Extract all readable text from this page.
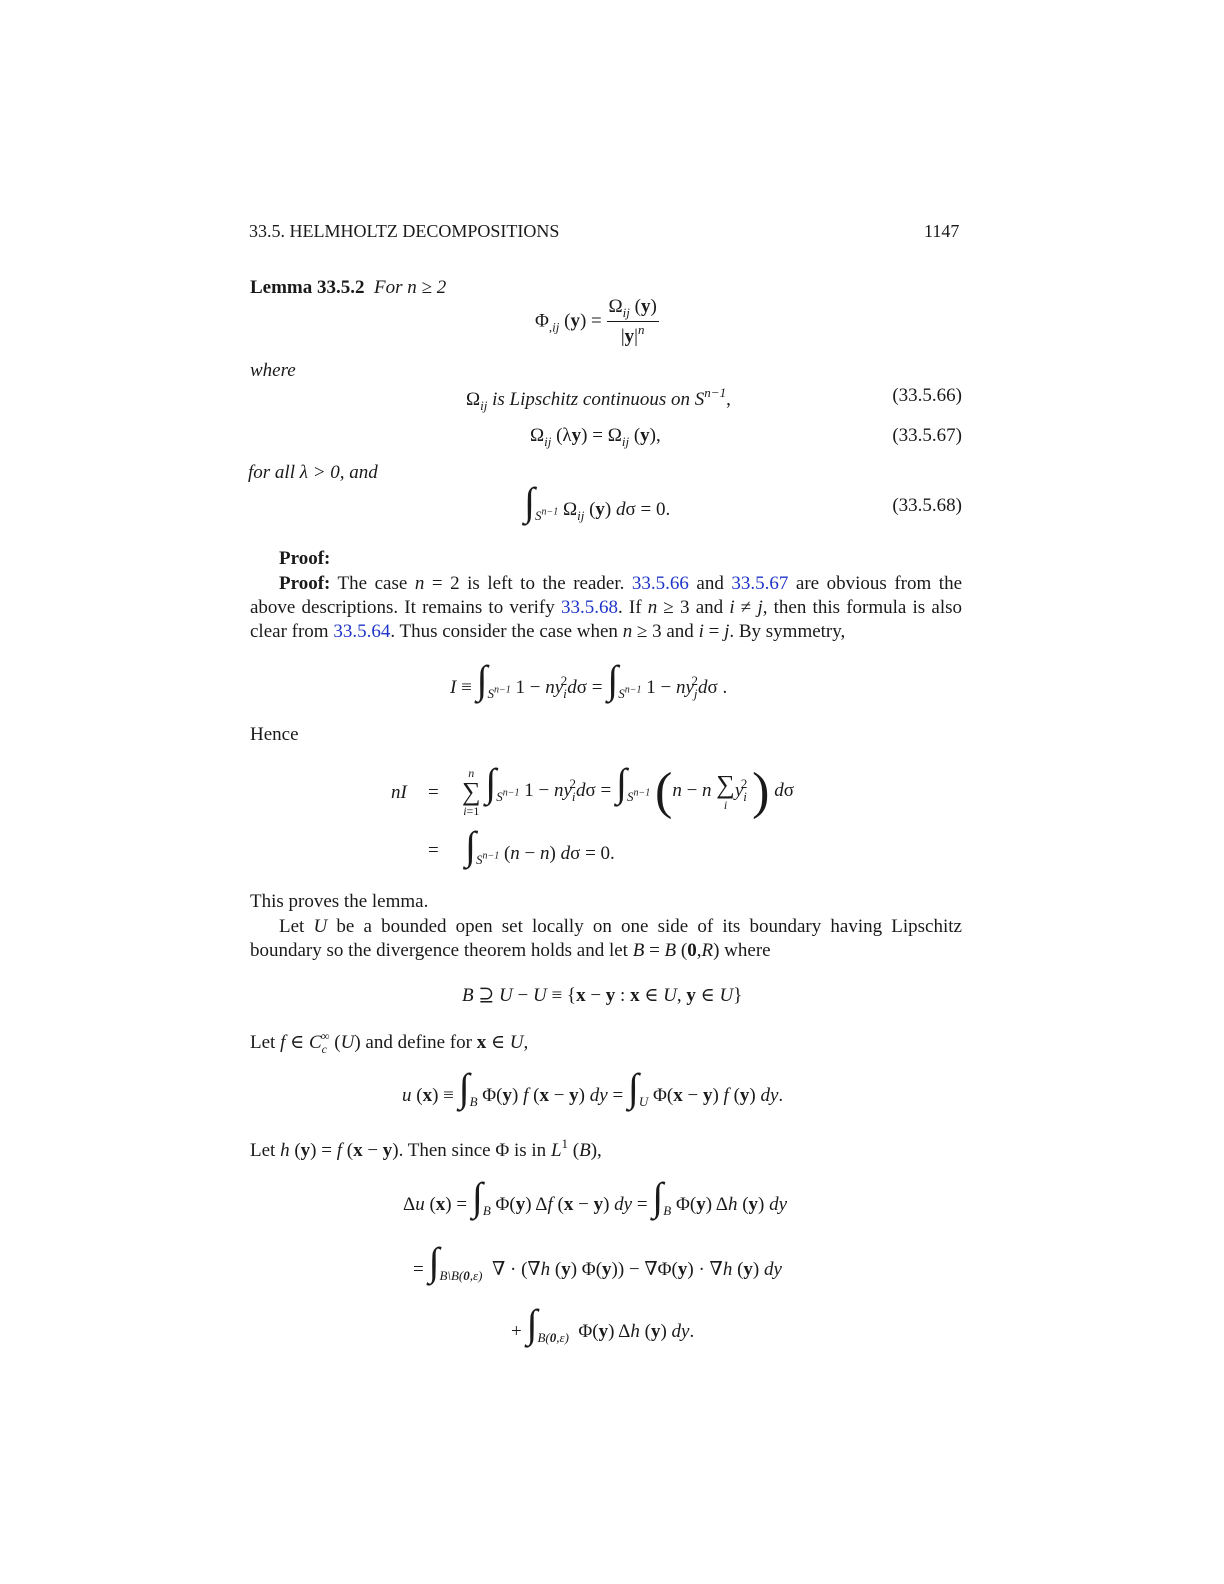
33.5. HELMHOLTZ DECOMPOSITIONS	1147
Lemma 33.5.2 For n ≥ 2
$\Phi_{,ij}$ $(y) = \frac{\Omega_{ij} (y)}{|y|^n}$
where
$\Omega_{ij}$ is Lipschitz continuous on $S^{n-1}$,	(33.5.66)
$\Omega_{ij}$ $(\lambda y) = \Omega_{ij}$ (y),	(33.5.67)
for all λ > 0, and
$\int_{S^{n-1}}$ $\Omega_{ij}$ (y) dσ = 0.	(33.5.68)
Proof:
Proof: The case n = 2 is left to the reader. 33.5.66 and 33.5.67 are obvious from the above descriptions. It remains to verify 33.5.68. If n ≥ 3 and i ≠ j, then this formula is also clear from 33.5.64. Thus consider the case when n ≥ 3 and i = j. By symmetry,
$I \equiv \int_{S^{n-1}}$ $1 - ny_i^2d\sigma = \int_{S^{n-1}}$ $1 - ny_j^2d\sigma$ .
Hence
nI =
n
∑
i=1
$\int_{S^{n-1}}$ $1 - ny_i^2d\sigma = \int_{S^{n-1}}$ (n − n ∑
i
$y_i^2$ ) dσ
= $\int_{S^{n-1}}$ (n − n) dσ = 0.
This proves the lemma.
Let U be a bounded open set locally on one side of its boundary having Lipschitz boundary so the divergence theorem holds and let B = B (0,R) where
B ⊇ U − U ≡ {x − y : x ∈ U, y ∈ U}
Let f ∈ $C_c^\infty$ (U) and define for x ∈ U,
u $(x) \equiv \int_B$ Φ(y) f (x − y) dy = $\int_U$ Φ(x − y) f (y) dy.
Let h (y) = f (x − y). Then since Φ is in $L^1$ (B),
Δu $(x) = \int_B$ Φ(y) Δf (x − y) dy = $\int_B$ Φ(y) Δh (y) dy
= $\int_{B\backslash B(0,\varepsilon)}$  ∇ · (∇h (y) Φ(y)) − ∇Φ(y) · ∇h (y) dy
+ $\int_{B(0,\varepsilon)}$  Φ(y) Δh (y) dy.
